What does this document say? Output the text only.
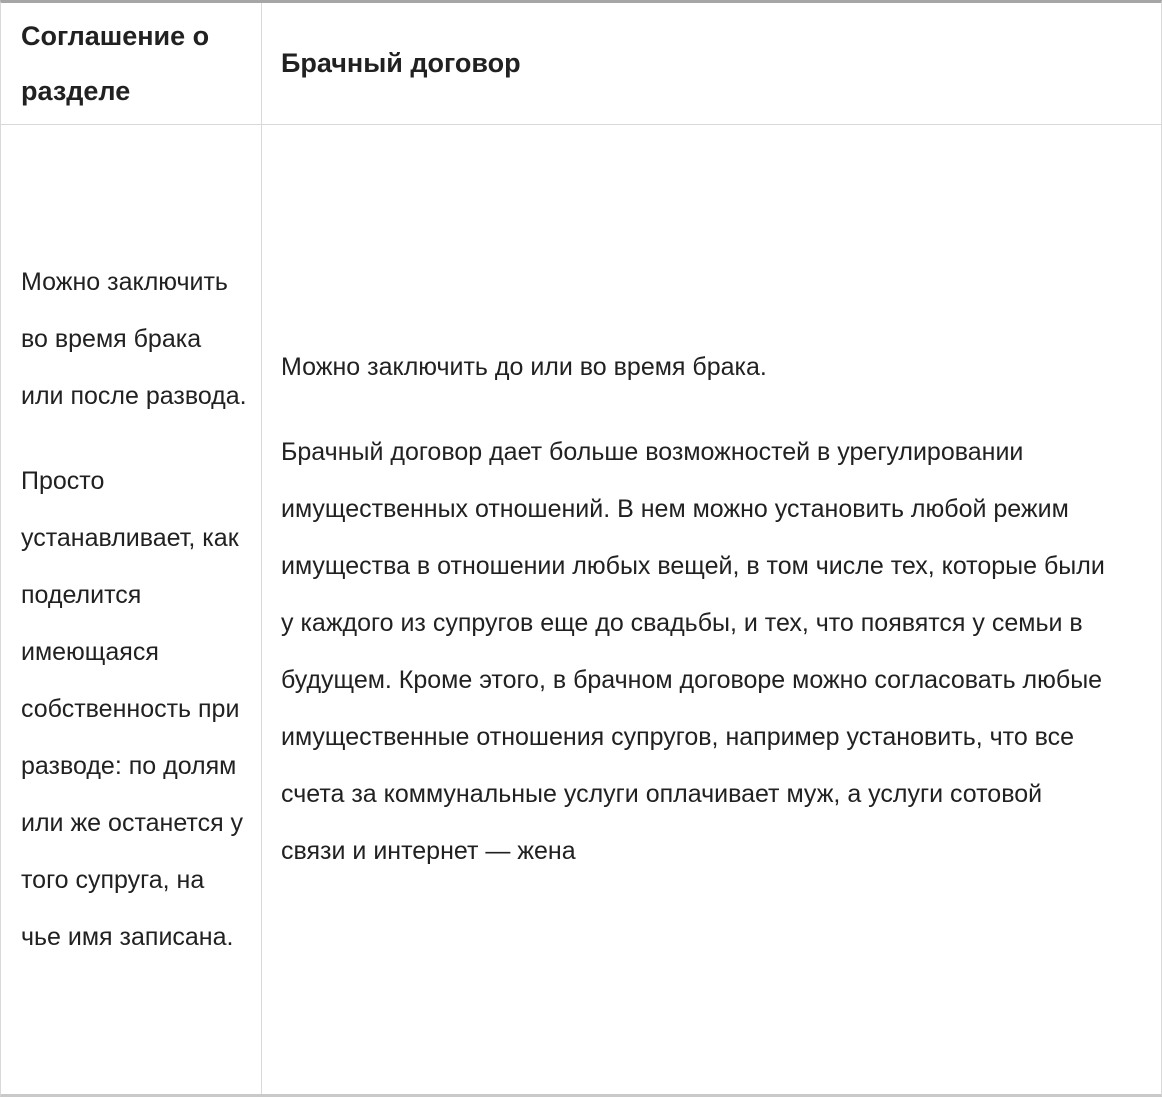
Соглашение о разделе	Брачный договор

Можно заключить во время брака или после развода.

Просто устанавливает, как поделится имеющаяся собственность при разводе: по долям или же останется у того супруга, на чье имя записана.

Можно заключить до или во время брака.

Брачный договор дает больше возможностей в урегулировании имущественных отношений. В нем можно установить любой режим имущества в отношении любых вещей, в том числе тех, которые были у каждого из супругов еще до свадьбы, и тех, что появятся у семьи в будущем. Кроме этого, в брачном договоре можно согласовать любые имущественные отношения супругов, например установить, что все счета за коммунальные услуги оплачивает муж, а услуги сотовой связи и интернет — жена
